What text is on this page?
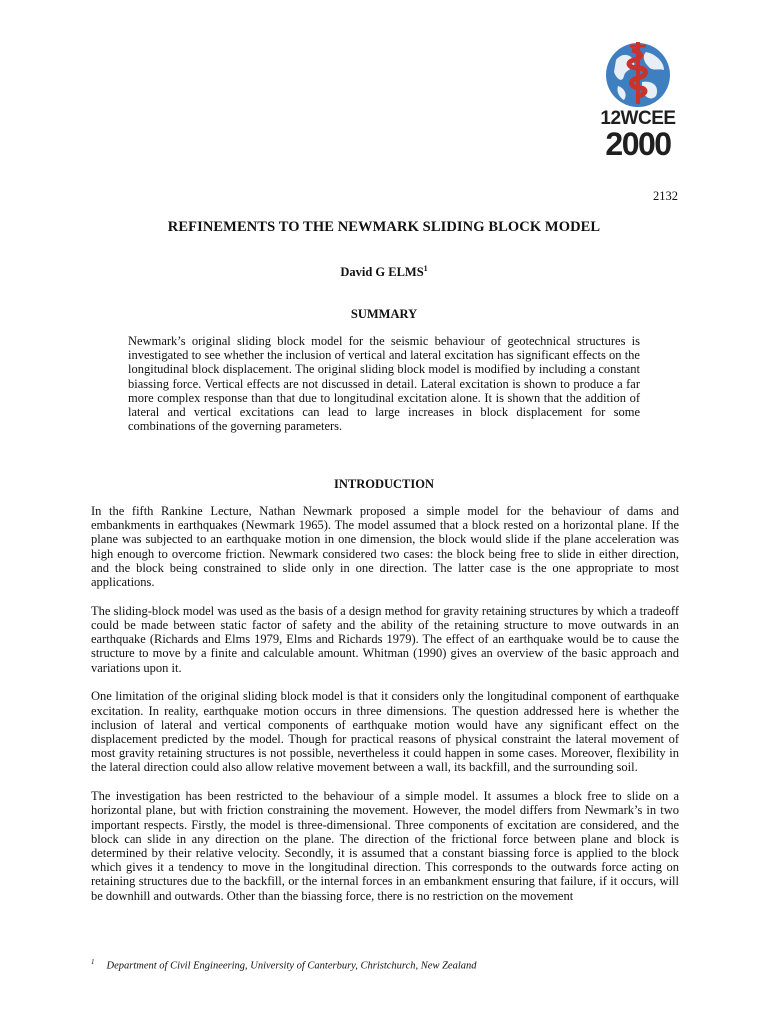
12WCEE
2000
2132
REFINEMENTS TO THE NEWMARK SLIDING BLOCK MODEL
David G ELMS$^1$
SUMMARY
Newmark’s original sliding block model for the seismic behaviour of geotechnical structures is investigated to see whether the inclusion of vertical and lateral excitation has significant effects on the longitudinal block displacement. The original sliding block model is modified by including a constant biassing force. Vertical effects are not discussed in detail. Lateral excitation is shown to produce a far more complex response than that due to longitudinal excitation alone. It is shown that the addition of lateral and vertical excitations can lead to large increases in block displacement for some combinations of the governing parameters.
INTRODUCTION

In the fifth Rankine Lecture, Nathan Newmark proposed a simple model for the behaviour of dams and embankments in earthquakes (Newmark 1965). The model assumed that a block rested on a horizontal plane. If the plane was subjected to an earthquake motion in one dimension, the block would slide if the plane acceleration was high enough to overcome friction. Newmark considered two cases: the block being free to slide in either direction, and the block being constrained to slide only in one direction. The latter case is the one appropriate to most applications.

The sliding-block model was used as the basis of a design method for gravity retaining structures by which a tradeoff could be made between static factor of safety and the ability of the retaining structure to move outwards in an earthquake (Richards and Elms 1979, Elms and Richards 1979). The effect of an earthquake would be to cause the structure to move by a finite and calculable amount. Whitman (1990) gives an overview of the basic approach and variations upon it.

One limitation of the original sliding block model is that it considers only the longitudinal component of earthquake excitation. In reality, earthquake motion occurs in three dimensions. The question addressed here is whether the inclusion of lateral and vertical components of earthquake motion would have any significant effect on the displacement predicted by the model. Though for practical reasons of physical constraint the lateral movement of most gravity retaining structures is not possible, nevertheless it could happen in some cases. Moreover, flexibility in the lateral direction could also allow relative movement between a wall, its backfill, and the surrounding soil.

The investigation has been restricted to the behaviour of a simple model. It assumes a block free to slide on a horizontal plane, but with friction constraining the movement. However, the model differs from Newmark’s in two important respects. Firstly, the model is three-dimensional. Three components of excitation are considered, and the block can slide in any direction on the plane. The direction of the frictional force between plane and block is determined by their relative velocity. Secondly, it is assumed that a constant biassing force is applied to the block which gives it a tendency to move in the longitudinal direction. This corresponds to the outwards force acting on retaining structures due to the backfill, or the internal forces in an embankment ensuring that failure, if it occurs, will be downhill and outwards. Other than the biassing force, there is no restriction on the movement

$^1$ Department of Civil Engineering, University of Canterbury, Christchurch, New Zealand
